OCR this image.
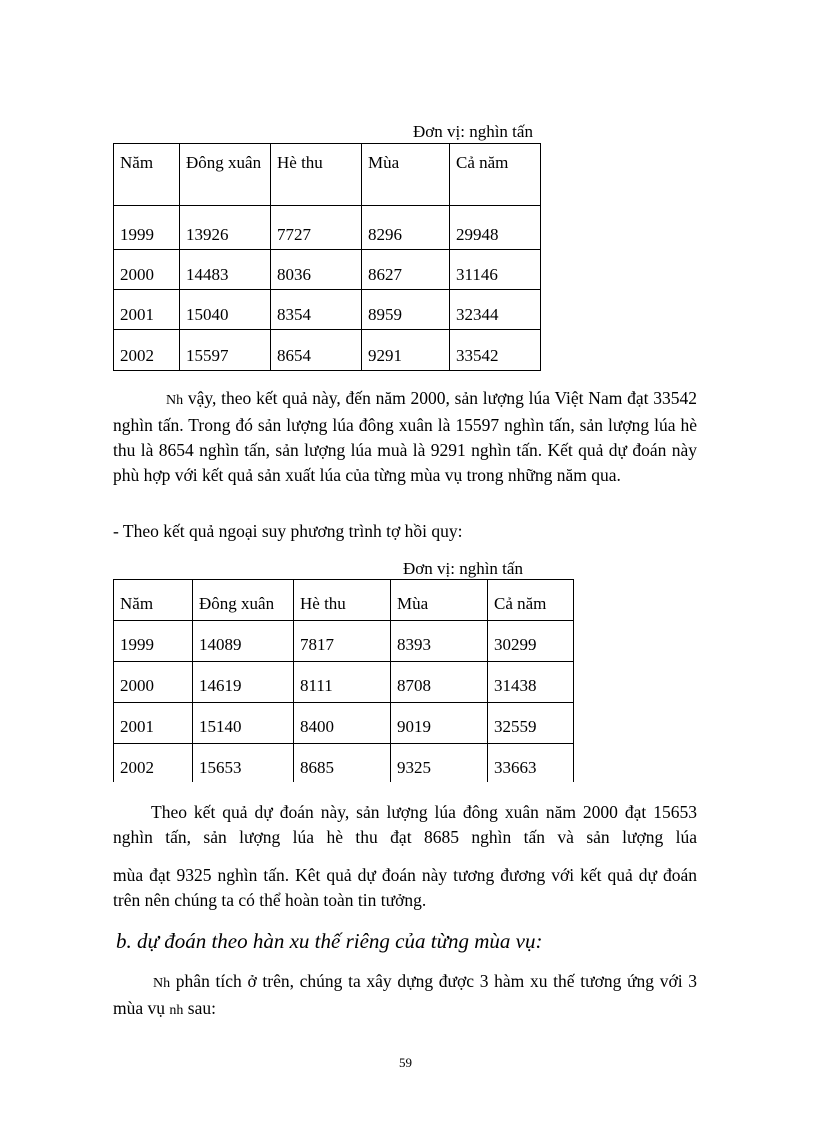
Đơn vị: nghìn tấn
Năm	Đông xuân	Hè thu	Mùa	Cả năm
1999	13926	7727	8296	29948
2000	14483	8036	8627	31146
2001	15040	8354	8959	32344
2002	15597	8654	9291	33542
Nh vậy, theo kết quả này, đến năm 2000, sản lượng lúa Việt Nam đạt 33542 nghìn tấn. Trong đó sản lượng lúa đông xuân là 15597 nghìn tấn, sản lượng lúa hè thu là 8654 nghìn tấn, sản lượng lúa muà là 9291 nghìn tấn. Kết quả dự đoán này phù hợp với kết quả sản xuất lúa của từng mùa vụ trong những năm qua.
- Theo kết quả ngoại suy phương trình tợ hồi quy:
Đơn vị: nghìn tấn
Năm	Đông xuân	Hè thu	Mùa	Cả năm
1999	14089	7817	8393	30299
2000	14619	8111	8708	31438
2001	15140	8400	9019	32559
2002	15653	8685	9325	33663
Theo kết quả dự đoán này, sản lượng lúa đông xuân năm 2000 đạt 15653 nghìn tấn, sản lượng lúa hè thu đạt 8685 nghìn tấn và sản lượng lúa
mùa đạt 9325 nghìn tấn. Kêt quả dự đoán này tương đương với kết quả dự đoán trên nên chúng ta có thể hoàn toàn tin tưởng.
b. dự đoán theo hàn xu thế riêng của từng mùa vụ:
Nh phân tích ở trên, chúng ta xây dựng được 3 hàm xu thế tương ứng với 3 mùa vụ nh sau:
59
